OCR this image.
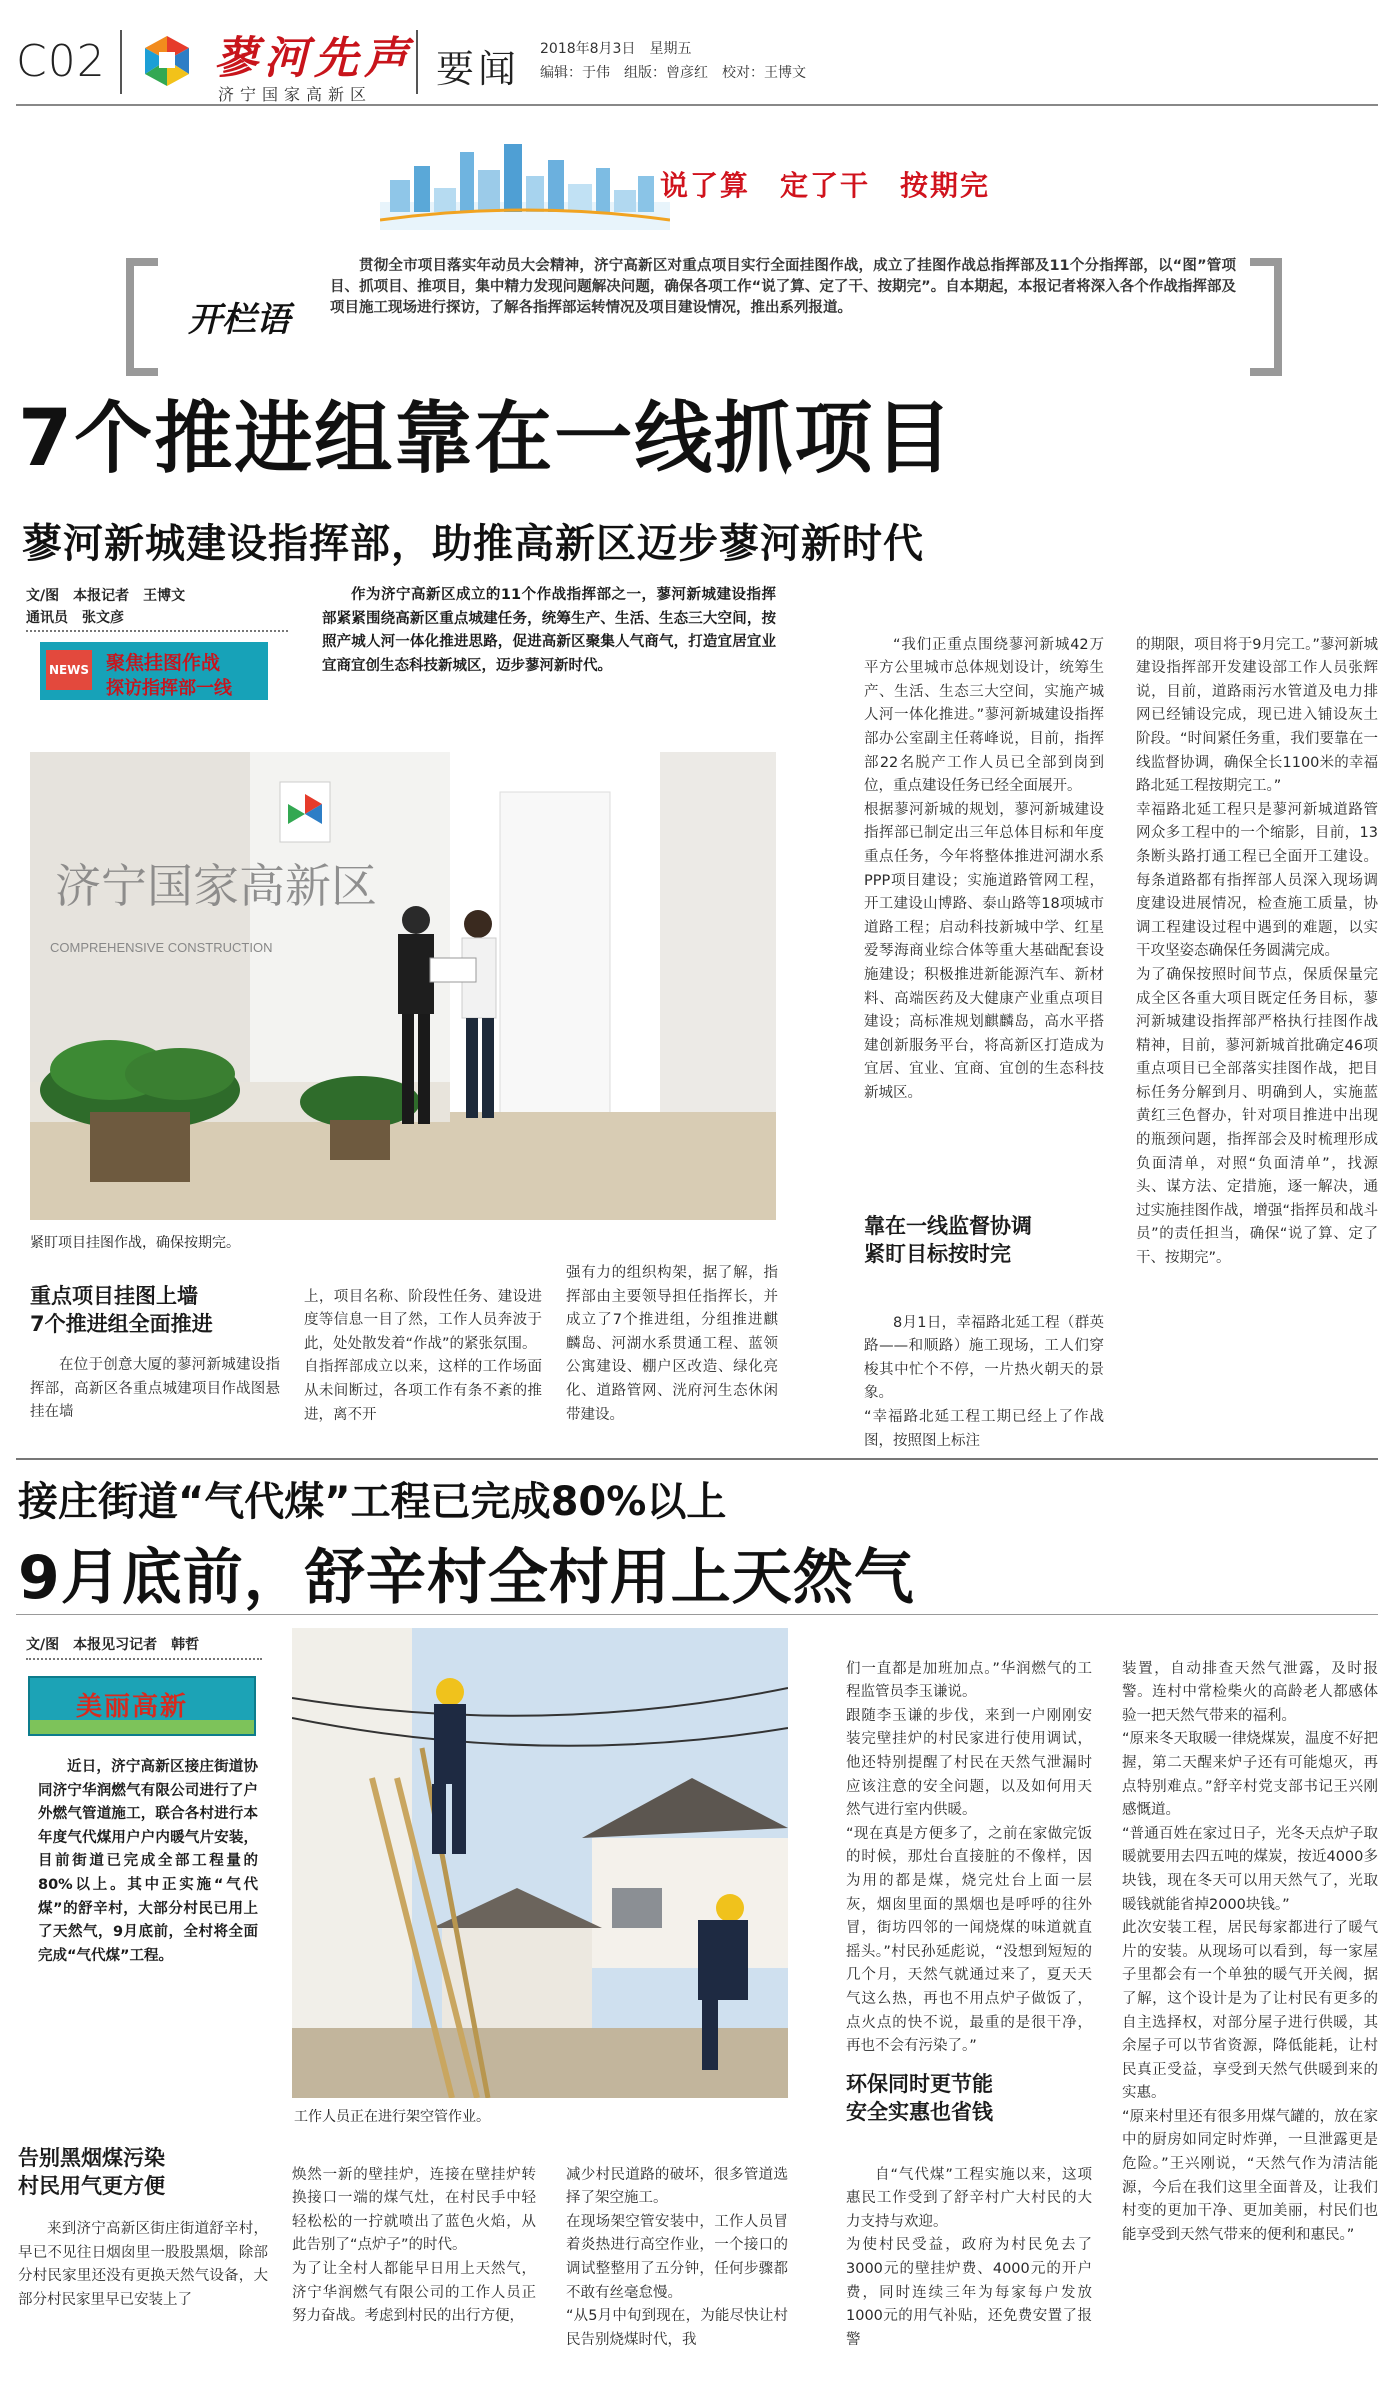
C02 蓼河先声
济宁国家高新区
要闻 2018年8月3日　星期五
编辑：于伟　组版：曾彦红　校对：王博文
说了算　定了干　按期完
开栏语

贯彻全市项目落实年动员大会精神，济宁高新区对重点项目实行全面挂图作战，成立了挂图作战总指挥部及11个分指挥部，以“图”管项目、抓项目、推项目，集中精力发现问题解决问题，确保各项工作“说了算、定了干、按期完”。自本期起，本报记者将深入各个作战指挥部及项目施工现场进行探访，了解各指挥部运转情况及项目建设情况，推出系列报道。

7个推进组靠在一线抓项目
蓼河新城建设指挥部，助推高新区迈步蓼河新时代
文/图　本报记者　王博文
通讯员　张文彦
NEWS 聚焦挂图作战
探访指挥部一线

作为济宁高新区成立的11个作战指挥部之一，蓼河新城建设指挥部紧紧围绕高新区重点城建任务，统筹生产、生活、生态三大空间，按照产城人河一体化推进思路，促进高新区聚集人气商气，打造宜居宜业宜商宜创生态科技新城区，迈步蓼河新时代。

济宁国家高新区
COMPREHENSIVE CONSTRUCTION
紧盯项目挂图作战，确保按期完。
重点项目挂图上墙
7个推进组全面推进

在位于创意大厦的蓼河新城建设指挥部，高新区各重点城建项目作战图悬挂在墙

上，项目名称、阶段性任务、建设进度等信息一目了然，工作人员奔波于此，处处散发着“作战”的紧张氛围。
自指挥部成立以来，这样的工作场面从未间断过，各项工作有条不紊的推进，离不开

强有力的组织构架，据了解，指挥部由主要领导担任指挥长，并成立了7个推进组，分组推进麒麟岛、河湖水系贯通工程、蓝领公寓建设、棚户区改造、绿化亮化、道路管网、洸府河生态休闲带建设。

“我们正重点围绕蓼河新城42万平方公里城市总体规划设计，统筹生产、生活、生态三大空间，实施产城人河一体化推进。”蓼河新城建设指挥部办公室副主任蒋峰说，目前，指挥部22名脱产工作人员已全部到岗到位，重点建设任务已经全面展开。
根据蓼河新城的规划，蓼河新城建设指挥部已制定出三年总体目标和年度重点任务，今年将整体推进河湖水系PPP项目建设；实施道路管网工程，开工建设山博路、泰山路等18项城市道路工程；启动科技新城中学、红星爱琴海商业综合体等重大基础配套设施建设；积极推进新能源汽车、新材料、高端医药及大健康产业重点项目建设；高标准规划麒麟岛，高水平搭建创新服务平台，将高新区打造成为宜居、宜业、宜商、宜创的生态科技新城区。

靠在一线监督协调
紧盯目标按时完

8月1日，幸福路北延工程（群英路——和顺路）施工现场，工人们穿梭其中忙个不停，一片热火朝天的景象。
“幸福路北延工程工期已经上了作战图，按照图上标注

的期限，项目将于9月完工。”蓼河新城建设指挥部开发建设部工作人员张辉说，目前，道路雨污水管道及电力排网已经铺设完成，现已进入铺设灰土阶段。“时间紧任务重，我们要靠在一线监督协调，确保全长1100米的幸福路北延工程按期完工。”
幸福路北延工程只是蓼河新城道路管网众多工程中的一个缩影，目前，13条断头路打通工程已全面开工建设。每条道路都有指挥部人员深入现场调度建设进展情况，检查施工质量，协调工程建设过程中遇到的难题，以实干攻坚姿态确保任务圆满完成。
为了确保按照时间节点，保质保量完成全区各重大项目既定任务目标，蓼河新城建设指挥部严格执行挂图作战精神，目前，蓼河新城首批确定46项重点项目已全部落实挂图作战，把目标任务分解到月、明确到人，实施蓝黄红三色督办，针对项目推进中出现的瓶颈问题，指挥部会及时梳理形成负面清单，对照“负面清单”，找源头、谋方法、定措施，逐一解决，通过实施挂图作战，增强“指挥员和战斗员”的责任担当，确保“说了算、定了干、按期完”。

接庄街道“气代煤”工程已完成80%以上
9月底前，舒辛村全村用上天然气
文/图　本报见习记者　韩哲
美丽高新

近日，济宁高新区接庄街道协同济宁华润燃气有限公司进行了户外燃气管道施工，联合各村进行本年度气代煤用户户内暖气片安装，目前街道已完成全部工程量的80%以上。其中正实施“气代煤”的舒辛村，大部分村民已用上了天然气，9月底前，全村将全面完成“气代煤”工程。

工作人员正在进行架空管作业。
告别黑烟煤污染
村民用气更方便

来到济宁高新区街庄街道舒辛村，早已不见往日烟囱里一股股黑烟，除部分村民家里还没有更换天然气设备，大部分村民家里早已安装上了

焕然一新的壁挂炉，连接在壁挂炉转换接口一端的煤气灶，在村民手中轻轻松松的一拧就喷出了蓝色火焰，从此告别了“点炉子”的时代。
为了让全村人都能早日用上天然气，济宁华润燃气有限公司的工作人员正努力奋战。考虑到村民的出行方便，

减少村民道路的破坏，很多管道选择了架空施工。
在现场架空管安装中，工作人员冒着炎热进行高空作业，一个接口的调试整整用了五分钟，任何步骤都不敢有丝毫怠慢。
“从5月中旬到现在，为能尽快让村民告别烧煤时代，我

们一直都是加班加点。”华润燃气的工程监管员李玉谦说。
跟随李玉谦的步伐，来到一户刚刚安装完壁挂炉的村民家进行使用调试，他还特别提醒了村民在天然气泄漏时应该注意的安全问题，以及如何用天然气进行室内供暖。
“现在真是方便多了，之前在家做完饭的时候，那灶台直接脏的不像样，因为用的都是煤，烧完灶台上面一层灰，烟囱里面的黑烟也是呼呼的往外冒，街坊四邻的一闻烧煤的味道就直摇头。”村民孙延彪说，“没想到短短的几个月，天然气就通过来了，夏天天气这么热，再也不用点炉子做饭了，点火点的快不说，最重的是很干净，再也不会有污染了。”

环保同时更节能
安全实惠也省钱

自“气代煤”工程实施以来，这项惠民工作受到了舒辛村广大村民的大力支持与欢迎。
为使村民受益，政府为村民免去了3000元的壁挂炉费、4000元的开户费，同时连续三年为每家每户发放1000元的用气补贴，还免费安置了报警

装置，自动排查天然气泄露，及时报警。连村中常检柴火的高龄老人都感体验一把天然气带来的福利。
“原来冬天取暖一律烧煤炭，温度不好把握，第二天醒来炉子还有可能熄灭，再点特别难点。”舒辛村党支部书记王兴刚感慨道。
“普通百姓在家过日子，光冬天点炉子取暖就要用去四五吨的煤炭，按近4000多块钱，现在冬天可以用天然气了，光取暖钱就能省掉2000块钱。”
此次安装工程，居民每家都进行了暖气片的安装。从现场可以看到，每一家屋子里都会有一个单独的暖气开关阀，据了解，这个设计是为了让村民有更多的自主选择权，对部分屋子进行供暖，其余屋子可以节省资源，降低能耗，让村民真正受益，享受到天然气供暖到来的实惠。
“原来村里还有很多用煤气罐的，放在家中的厨房如同定时炸弹，一旦泄露更是危险。”王兴刚说，“天然气作为清洁能源，今后在我们这里全面普及，让我们村变的更加干净、更加美丽，村民们也能享受到天然气带来的便利和惠民。”
